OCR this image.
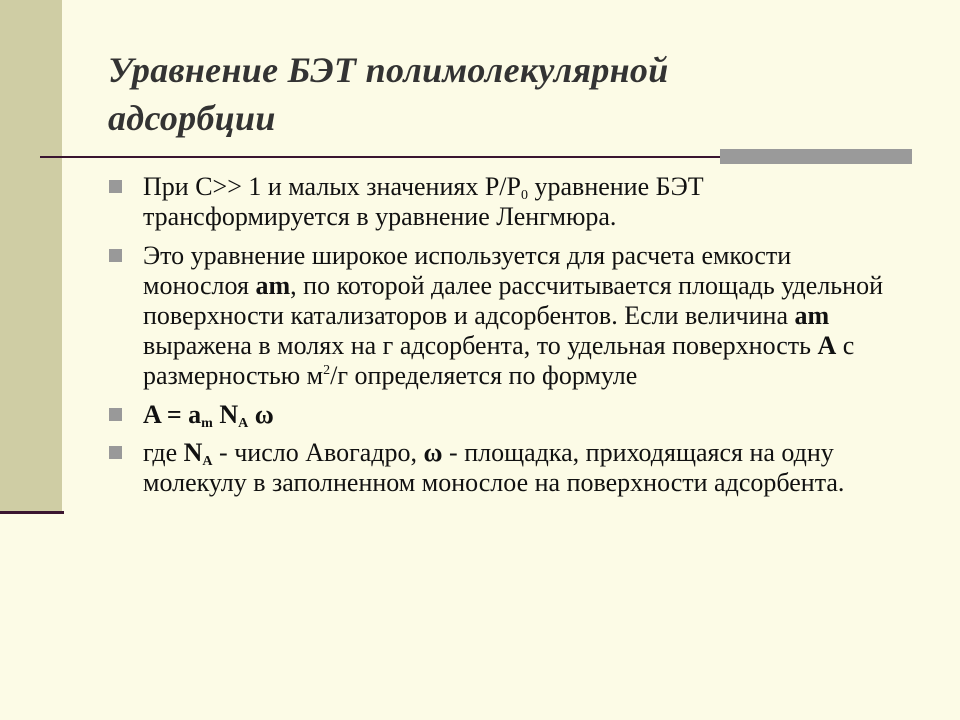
Уравнение БЭТ полимолекулярной
адсорбции
При С>> 1 и малых значениях $Р/Р_0$ уравнение БЭТ трансформируется в уравнение Ленгмюра.
Это уравнение широкое используется для расчета емкости монослоя am, по которой далее рассчитывается площадь удельной поверхности катализаторов и адсорбентов. Если величина am выражена в молях на г адсорбента, то удельная поверхность A с размерностью $м^2/г$ определяется по формуле
$A = a_m$ $N_A$ ω
где $N_A$ - число Авогадро, ω - площадка, приходящаяся на одну молекулу в заполненном монослое на поверхности адсорбента.
